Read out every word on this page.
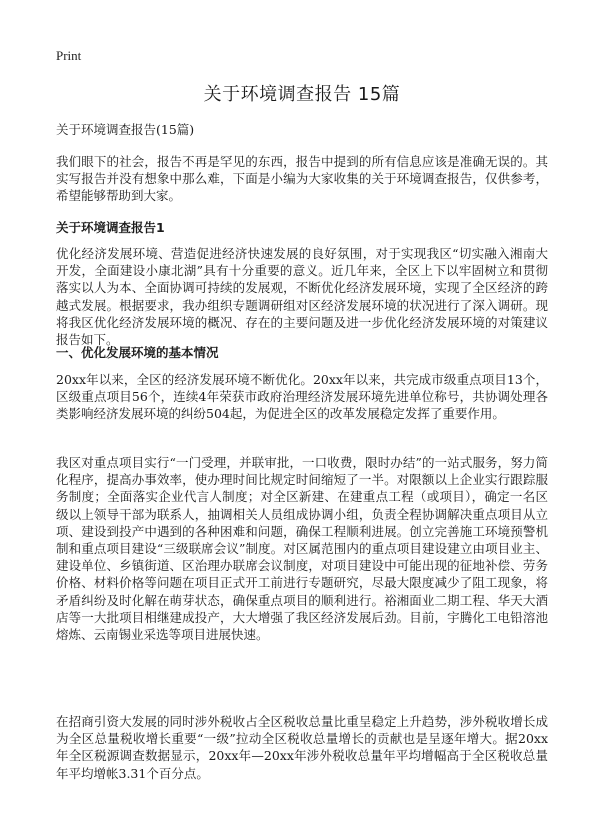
Print
关于环境调查报告 15篇
关于环境调查报告(15篇)

我们眼下的社会，报告不再是罕见的东西，报告中提到的所有信息应该是准确无误的。其实写报告并没有想象中那么难，下面是小编为大家收集的关于环境调查报告，仅供参考，希望能够帮助到大家。

关于环境调查报告1

优化经济发展环境、营造促进经济快速发展的良好氛围，对于实现我区“切实融入湘南大开发，全面建设小康北湖”具有十分重要的意义。近几年来，全区上下以牢固树立和贯彻落实以人为本、全面协调可持续的发展观，不断优化经济发展环境，实现了全区经济的跨越式发展。根据要求，我办组织专题调研组对区经济发展环境的状况进行了深入调研。现将我区优化经济发展环境的概况、存在的主要问题及进一步优化经济发展环境的对策建议报告如下。

一、优化发展环境的基本情况

20xx年以来，全区的经济发展环境不断优化。20xx年以来，共完成市级重点项目13个，区级重点项目56个，连续4年荣获市政府治理经济发展环境先进单位称号，共协调处理各类影响经济发展环境的纠纷504起，为促进全区的改革发展稳定发挥了重要作用。

我区对重点项目实行“一门受理，并联审批，一口收费，限时办结”的一站式服务，努力简化程序，提高办事效率，使办理时间比规定时间缩短了一半。对限额以上企业实行跟踪服务制度；全面落实企业代言人制度；对全区新建、在建重点工程（或项目），确定一名区级以上领导干部为联系人，抽调相关人员组成协调小组，负责全程协调解决重点项目从立项、建设到投产中遇到的各种困难和问题，确保工程顺利进展。创立完善施工环境预警机制和重点项目建设“三级联席会议”制度。对区属范围内的重点项目建设建立由项目业主、建设单位、乡镇街道、区治理办联席会议制度，对项目建设中可能出现的征地补偿、劳务价格、材料价格等问题在项目正式开工前进行专题研究，尽最大限度减少了阻工现象，将矛盾纠纷及时化解在萌芽状态，确保重点项目的顺利进行。裕湘面业二期工程、华天大酒店等一大批项目相继建成投产，大大增强了我区经济发展后劲。目前，宇腾化工电铅溶池熔炼、云南锡业采选等项目进展快速。

在招商引资大发展的同时涉外税收占全区税收总量比重呈稳定上升趋势，涉外税收增长成为全区总量税收增长重要“一级”拉动全区税收总量增长的贡献也是呈逐年增大。据20xx年全区税源调查数据显示，20xx年—20xx年涉外税收总量年平均增幅高于全区税收总量年平均增帐3.31个百分点。
